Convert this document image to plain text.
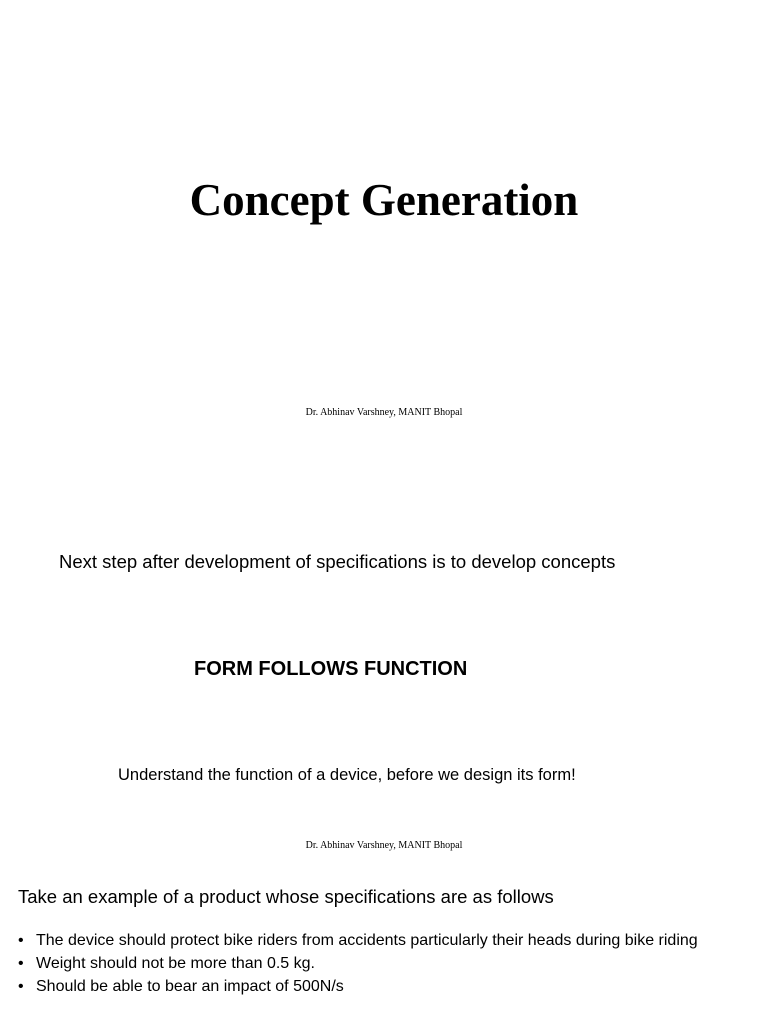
Concept Generation
Dr. Abhinav Varshney, MANIT Bhopal
Next step after development of specifications is to develop concepts
FORM FOLLOWS FUNCTION
Understand the function of a device, before we design its form!
Dr. Abhinav Varshney, MANIT Bhopal
Take an example of a product whose specifications are as follows
• The device should protect bike riders from accidents particularly their heads during bike riding
• Weight should not be more than 0.5 kg.
• Should be able to bear an impact of 500N/s
